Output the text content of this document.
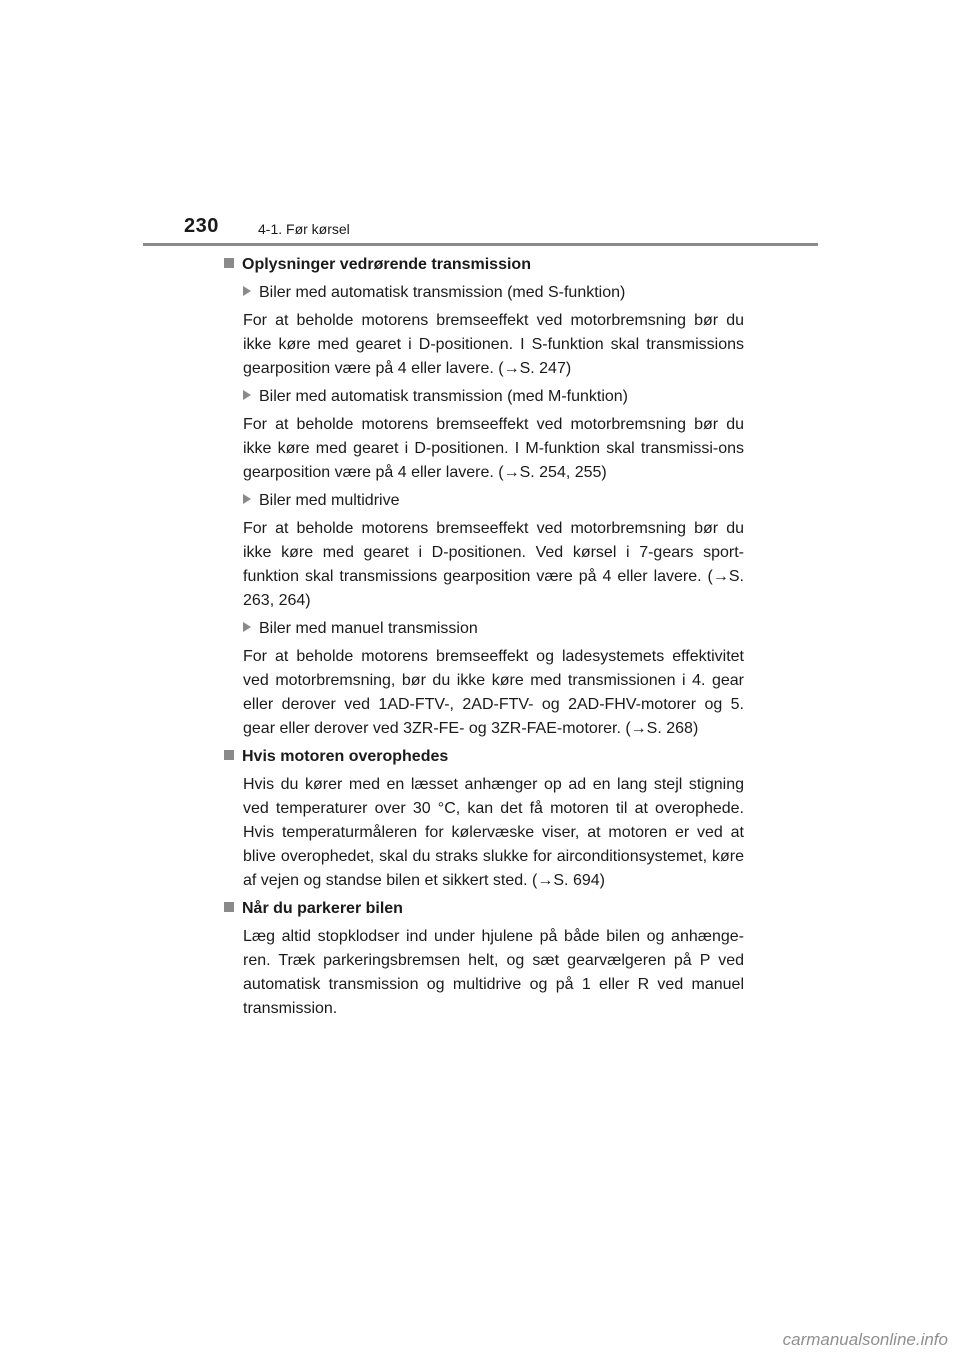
230	4-1. Før kørsel

Oplysninger vedrørende transmission

Biler med automatisk transmission (med S-funktion)

For at beholde motorens bremseeffekt ved motorbremsning bør du ikke køre med gearet i D-positionen. I S-funktion skal transmissions gearposition være på 4 eller lavere. (→S. 247)

Biler med automatisk transmission (med M-funktion)

For at beholde motorens bremseeffekt ved motorbremsning bør du ikke køre med gearet i D-positionen. I M-funktion skal transmissi-ons gearposition være på 4 eller lavere. (→S. 254, 255)

Biler med multidrive

For at beholde motorens bremseeffekt ved motorbremsning bør du ikke køre med gearet i D-positionen. Ved kørsel i 7-gears sport-funktion skal transmissions gearposition være på 4 eller lavere. (→S. 263, 264)

Biler med manuel transmission

For at beholde motorens bremseeffekt og ladesystemets effektivitet ved motorbremsning, bør du ikke køre med transmissionen i 4. gear eller derover ved 1AD-FTV-, 2AD-FTV- og 2AD-FHV-motorer og 5. gear eller derover ved 3ZR-FE- og 3ZR-FAE-motorer. (→S. 268)

Hvis motoren overophedes

Hvis du kører med en læsset anhænger op ad en lang stejl stigning ved temperaturer over 30 °C, kan det få motoren til at overophede. Hvis temperaturmåleren for kølervæske viser, at motoren er ved at blive overophedet, skal du straks slukke for airconditionsystemet, køre af vejen og standse bilen et sikkert sted. (→S. 694)

Når du parkerer bilen

Læg altid stopklodser ind under hjulene på både bilen og anhænge-ren. Træk parkeringsbremsen helt, og sæt gearvælgeren på P ved automatisk transmission og multidrive og på 1 eller R ved manuel transmission.

carmanualsonline.info
